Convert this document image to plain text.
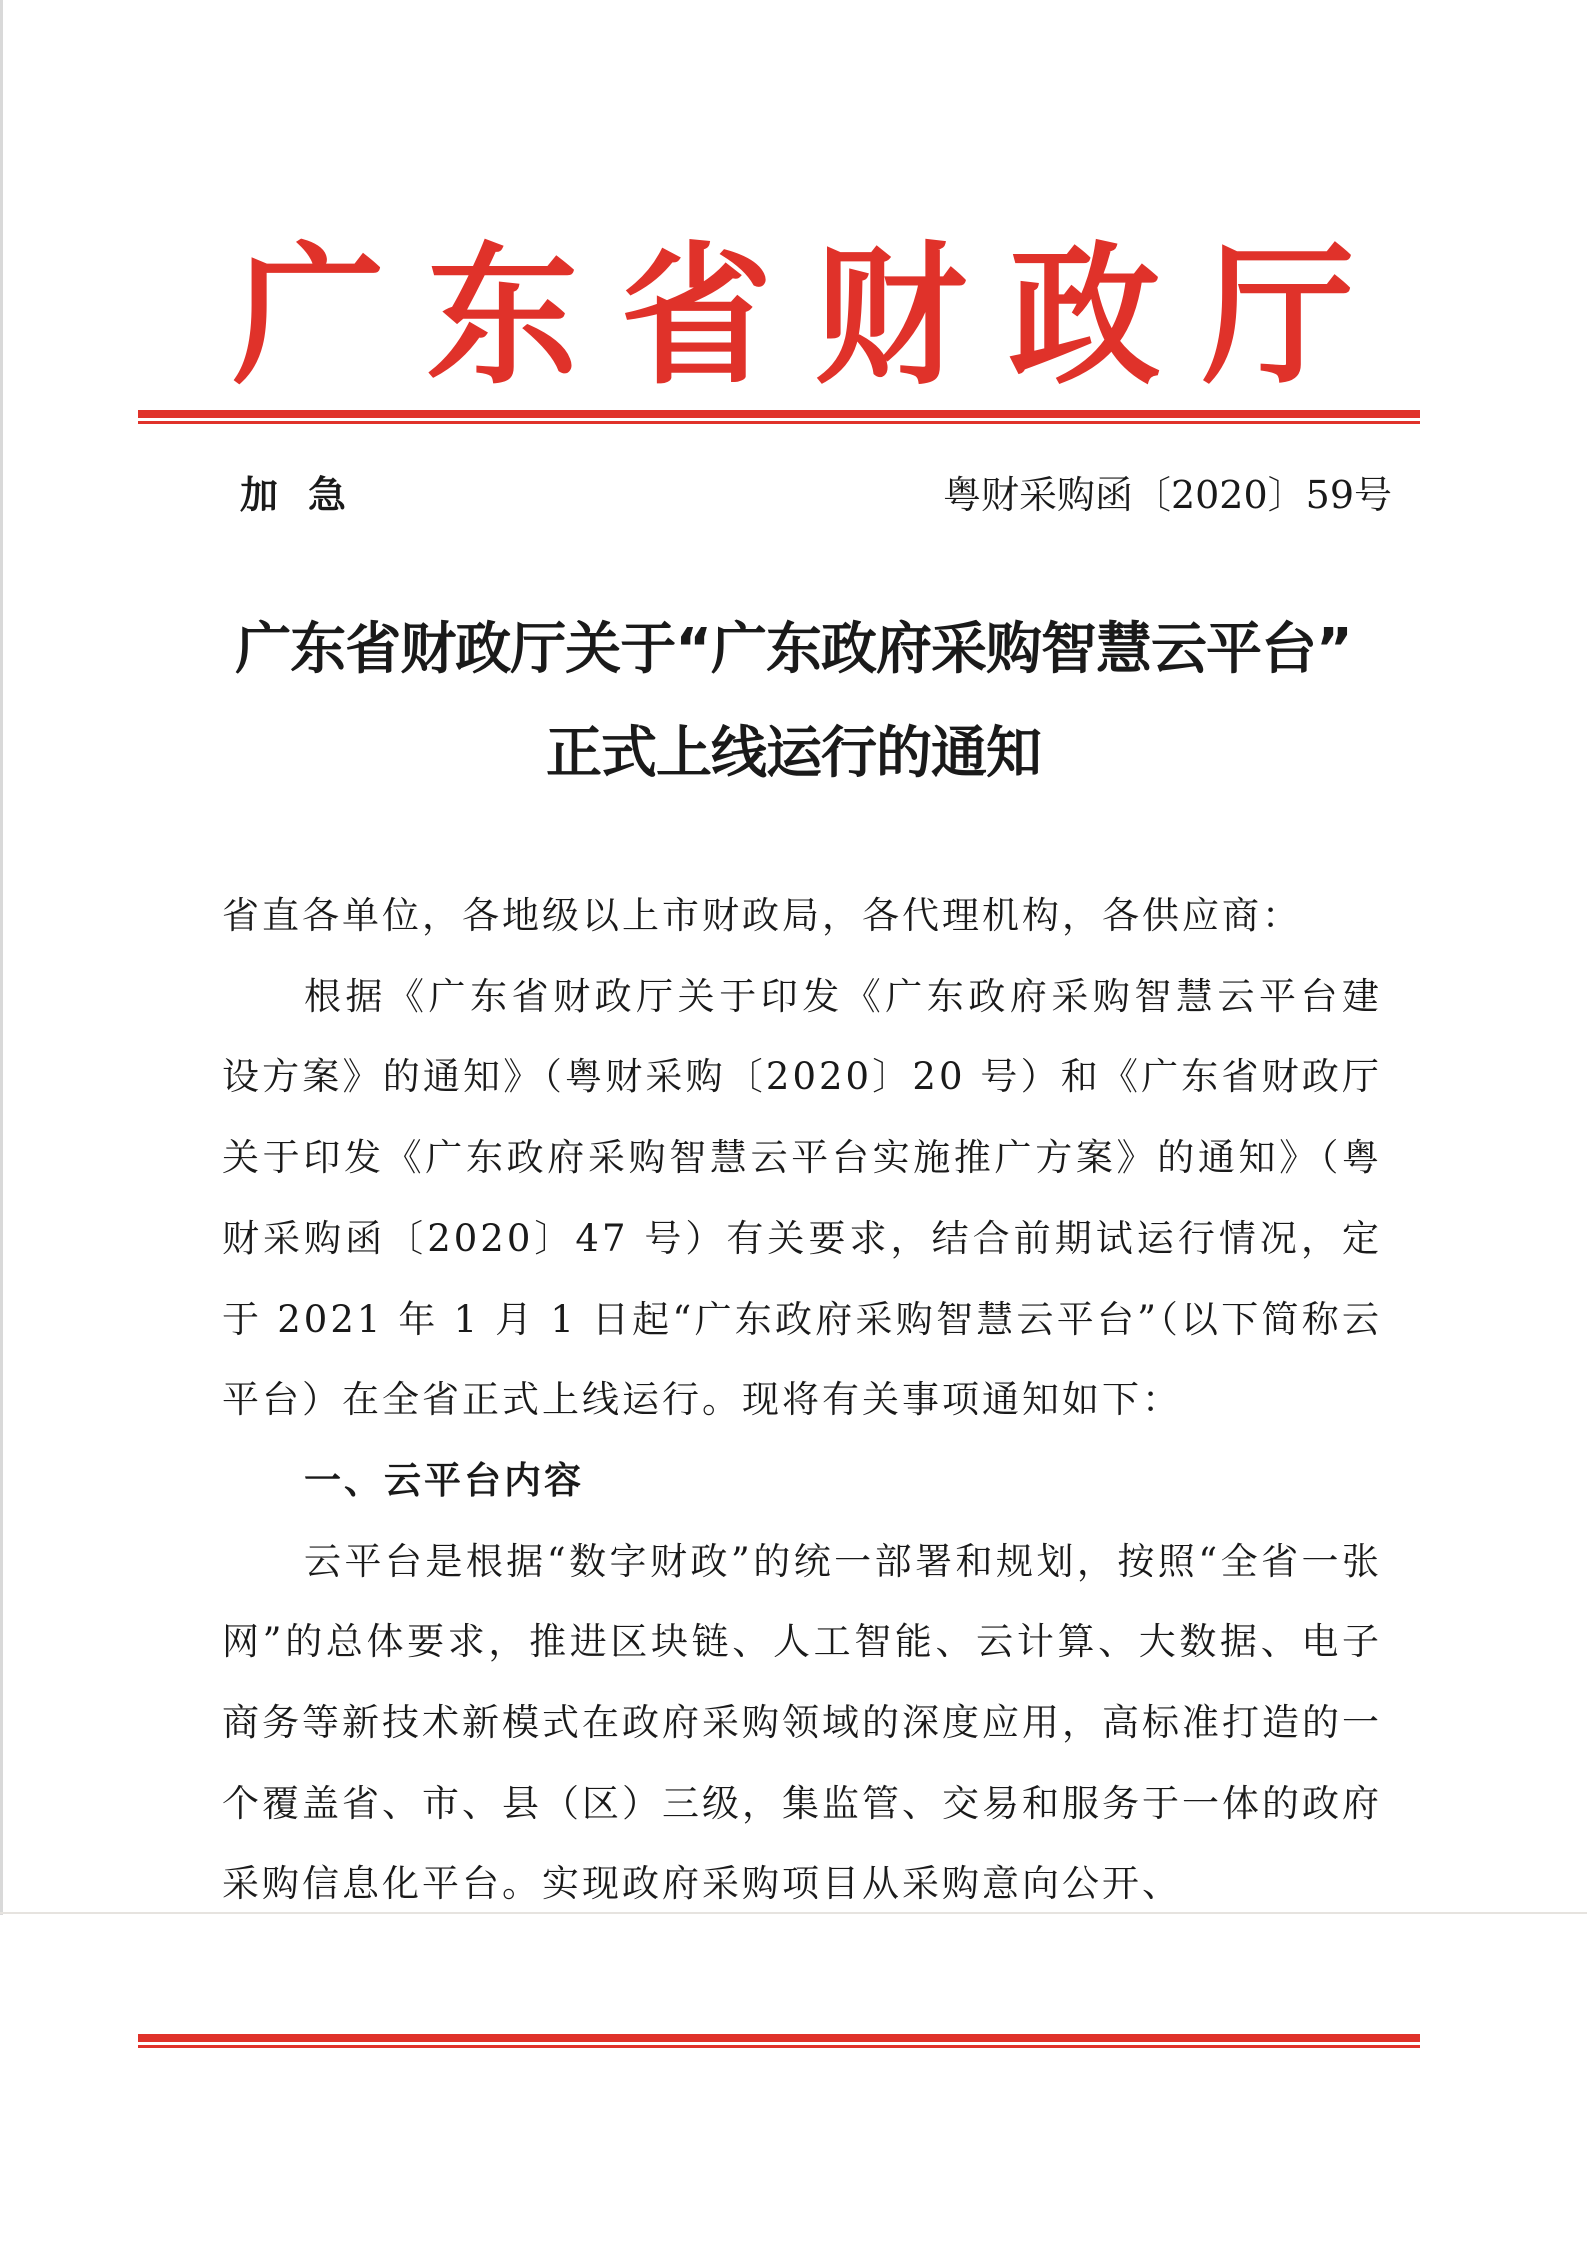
广东省财政厅
加急	粤财采购函〔2020〕59号
广东省财政厅关于“广东政府采购智慧云平台”
正式上线运行的通知

省直各单位，各地级以上市财政局，各代理机构，各供应商：

根据《广东省财政厅关于印发《广东政府采购智慧云平台建设方案》的通知》（粤财采购〔2020〕20 号）和《广东省财政厅关于印发《广东政府采购智慧云平台实施推广方案》的通知》（粤财采购函〔2020〕47 号）有关要求，结合前期试运行情况，定于 2021 年 1 月 1 日起“广东政府采购智慧云平台”（以下简称云平台）在全省正式上线运行。现将有关事项通知如下：

一、云平台内容

云平台是根据“数字财政”的统一部署和规划，按照“全省一张网”的总体要求，推进区块链、人工智能、云计算、大数据、电子商务等新技术新模式在政府采购领域的深度应用，高标准打造的一个覆盖省、市、县（区）三级，集监管、交易和服务于一体的政府采购信息化平台。实现政府采购项目从采购意向公开、
